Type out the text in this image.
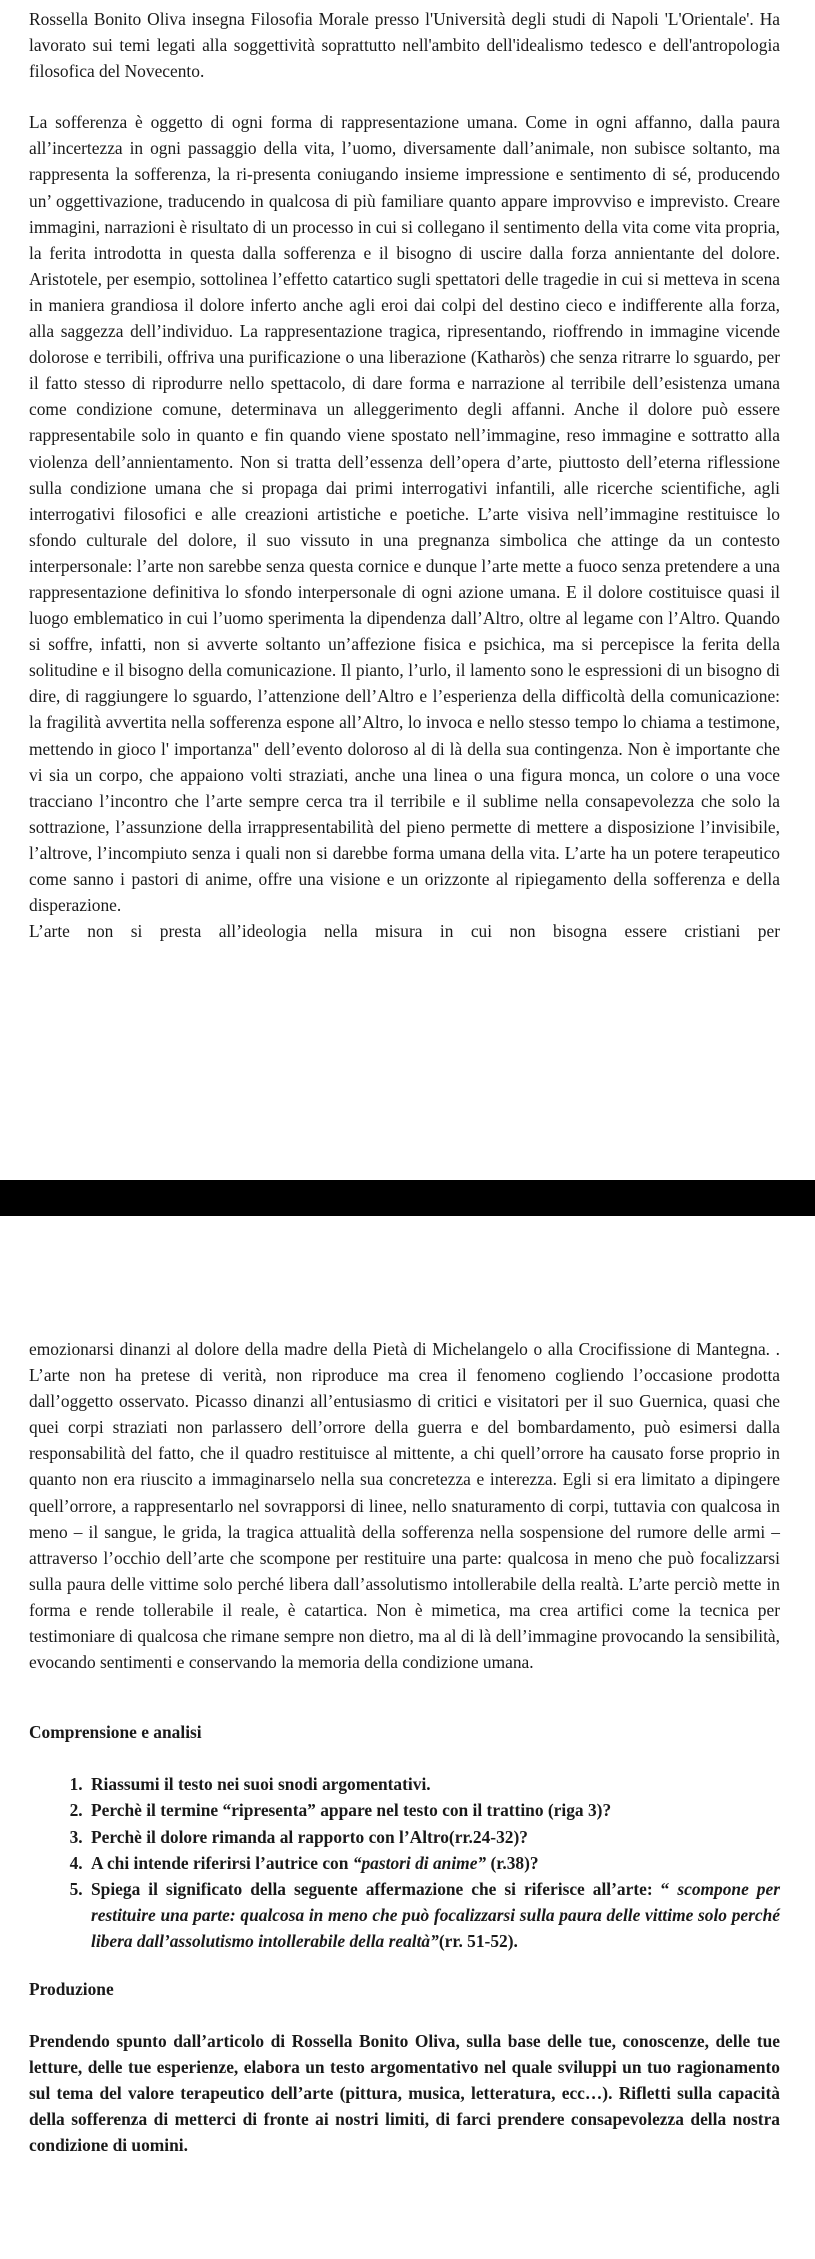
Rossella Bonito Oliva insegna Filosofia Morale presso l'Università degli studi di Napoli 'L'Orientale'. Ha lavorato sui temi legati alla soggettività soprattutto nell'ambito dell'idealismo tedesco e dell'antropologia filosofica del Novecento.

La sofferenza è oggetto di ogni forma di rappresentazione umana. Come in ogni affanno, dalla paura all’incertezza in ogni passaggio della vita, l’uomo, diversamente dall’animale, non subisce soltanto, ma rappresenta la sofferenza, la ri‑presenta coniugando insieme impressione e sentimento di sé, producendo un’ oggettivazione, traducendo in qualcosa di più familiare quanto appare improvviso e imprevisto. Creare immagini, narrazioni è risultato di un processo in cui si collegano il sentimento della vita come vita propria, la ferita introdotta in questa dalla sofferenza e il bisogno di uscire dalla forza annientante del dolore. Aristotele, per esempio, sottolinea l’effetto catartico sugli spettatori delle tragedie in cui si metteva in scena in maniera grandiosa il dolore inferto anche agli eroi dai colpi del destino cieco e indifferente alla forza, alla saggezza dell’individuo. La rappresentazione tragica, ripresentando, rioffrendo in immagine vicende dolorose e terribili, offriva una purificazione o una liberazione (Katharòs) che senza ritrarre lo sguardo, per il fatto stesso di riprodurre nello spettacolo, di dare forma e narrazione al terribile dell’esistenza umana come condizione comune, determinava un alleggerimento degli affanni. Anche il dolore può essere rappresentabile solo in quanto e fin quando viene spostato nell’immagine, reso immagine e sottratto alla violenza dell’annientamento. Non si tratta dell’essenza dell’opera d’arte, piuttosto dell’eterna riflessione sulla condizione umana che si propaga dai primi interrogativi infantili, alle ricerche scientifiche, agli interrogativi filosofici e alle creazioni artistiche e poetiche. L’arte visiva nell’immagine restituisce lo sfondo culturale del dolore, il suo vissuto in una pregnanza simbolica che attinge da un contesto interpersonale: l’arte non sarebbe senza questa cornice e dunque l’arte mette a fuoco senza pretendere a una rappresentazione definitiva lo sfondo interpersonale di ogni azione umana. E il dolore costituisce quasi il luogo emblematico in cui l’uomo sperimenta la dipendenza dall’Altro, oltre al legame con l’Altro. Quando si soffre, infatti, non si avverte soltanto un’affezione fisica e psichica, ma si percepisce la ferita della solitudine e il bisogno della comunicazione. Il pianto, l’urlo, il lamento sono le espressioni di un bisogno di dire, di raggiungere lo sguardo, l’attenzione dell’Altro e l’esperienza della difficoltà della comunicazione: la fragilità avvertita nella sofferenza espone all’Altro, lo invoca e nello stesso tempo lo chiama a testimone, mettendo in gioco l' importanza" dell’evento doloroso al di là della sua contingenza. Non è importante che vi sia un corpo, che appaiono volti straziati, anche una linea o una figura monca, un colore o una voce tracciano l’incontro che l’arte sempre cerca tra il terribile e il sublime nella consapevolezza che solo la sottrazione, l’assunzione della irrappresentabilità del pieno permette di mettere a disposizione l’invisibile, l’altrove, l’incompiuto senza i quali non si darebbe forma umana della vita. L’arte ha un potere terapeutico come sanno i pastori di anime, offre una visione e un orizzonte al ripiegamento della sofferenza e della disperazione.

L’arte non si presta all’ideologia nella misura in cui non bisogna essere cristiani per

emozionarsi dinanzi al dolore della madre della Pietà di Michelangelo o alla Crocifissione di Mantegna. . L’arte non ha pretese di verità, non riproduce ma crea il fenomeno cogliendo l’occasione prodotta dall’oggetto osservato. Picasso dinanzi all’entusiasmo di critici e visitatori per il suo Guernica, quasi che quei corpi straziati non parlassero dell’orrore della guerra e del bombardamento, può esimersi dalla responsabilità del fatto, che il quadro restituisce al mittente, a chi quell’orrore ha causato forse proprio in quanto non era riuscito a immaginarselo nella sua concretezza e interezza. Egli si era limitato a dipingere quell’orrore, a rappresentarlo nel sovrapporsi di linee, nello snaturamento di corpi, tuttavia con qualcosa in meno – il sangue, le grida, la tragica attualità della sofferenza nella sospensione del rumore delle armi – attraverso l’occhio dell’arte che scompone per restituire una parte: qualcosa in meno che può focalizzarsi sulla paura delle vittime solo perché libera dall’assolutismo intollerabile della realtà. L’arte perciò mette in forma e rende tollerabile il reale, è catartica. Non è mimetica, ma crea artifici come la tecnica per testimoniare di qualcosa che rimane sempre non dietro, ma al di là dell’immagine provocando la sensibilità, evocando sentimenti e conservando la memoria della condizione umana.

Comprensione e analisi
1. Riassumi il testo nei suoi snodi argomentativi.
2. Perchè il termine “ripresenta” appare nel testo con il trattino (riga 3)?
3. Perchè il dolore rimanda al rapporto con l’Altro(rr.24-32)?
4. A chi intende riferirsi l’autrice con “pastori di anime” (r.38)?
5. Spiega il significato della seguente affermazione che si riferisce all’arte: “ scompone per restituire una parte: qualcosa in meno che può focalizzarsi sulla paura delle vittime solo perché libera dall’assolutismo intollerabile della realtà”(rr. 51-52).
Produzione

Prendendo spunto dall’articolo di Rossella Bonito Oliva, sulla base delle tue, conoscenze, delle tue letture, delle tue esperienze, elabora un testo argomentativo nel quale sviluppi un tuo ragionamento sul tema del valore terapeutico dell’arte (pittura, musica, letteratura, ecc…). Rifletti sulla capacità della sofferenza di metterci di fronte ai nostri limiti, di farci prendere consapevolezza della nostra condizione di uomini.
